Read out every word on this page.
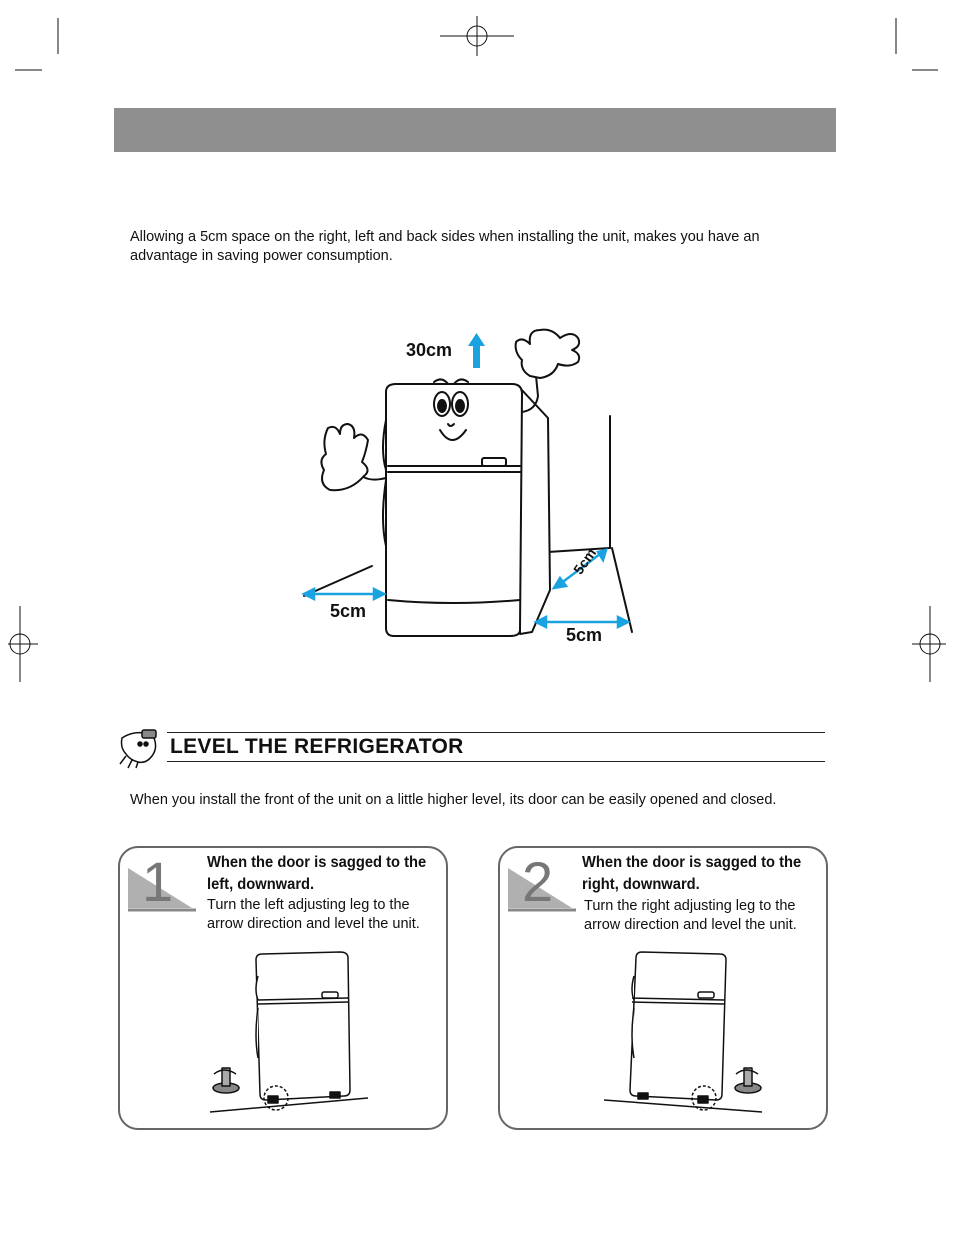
Allowing a 5cm space on the right, left and back sides when installing the unit, makes you have an advantage in saving power consumption.
30cm
5cm
5cm
5cm
LEVEL THE REFRIGERATOR
When you install the front of the unit on a little higher level, its door can be easily opened and closed.
1 When the door is sagged to the
left, downward.
Turn the left adjusting leg to the
arrow direction and level the unit.
2 When the door is sagged to the
right, downward.
Turn the right adjusting leg to the
arrow direction and level the unit.
